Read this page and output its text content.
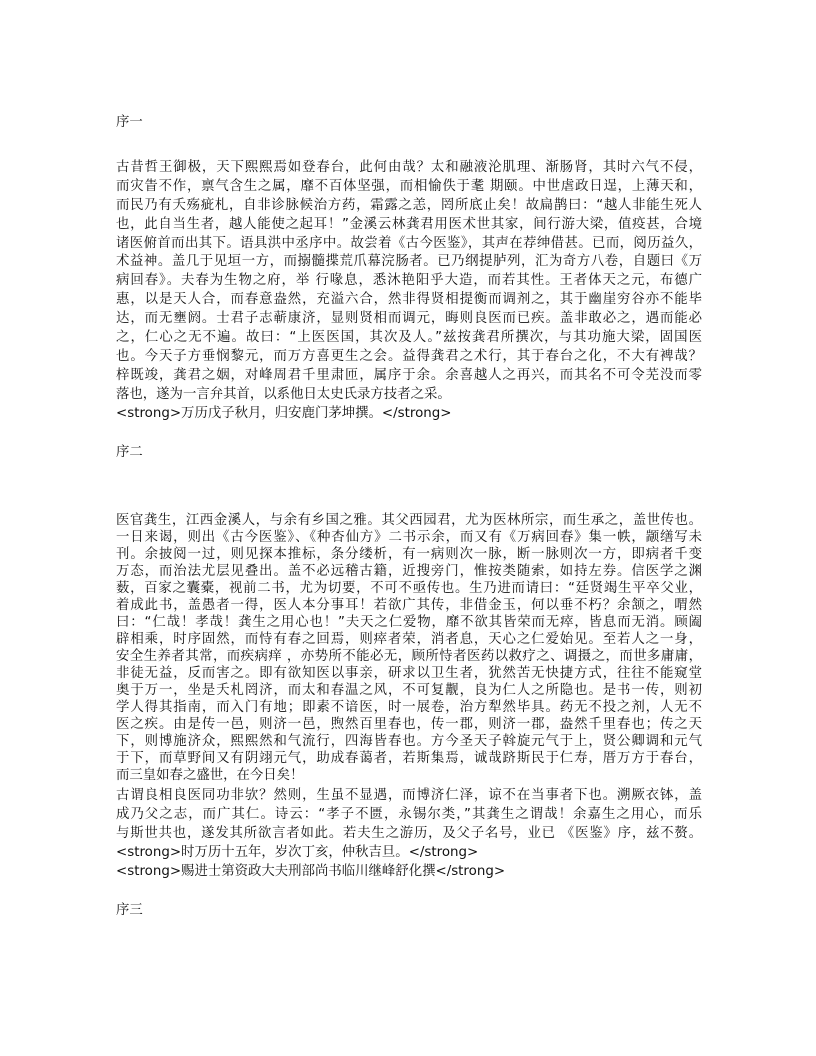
序一
古昔哲王御极，天下熙熙焉如登春台，此何由哉？太和融液沦肌理、渐肠肾，其时六气不侵，
而灾眚不作，禀气含生之属，靡不百体坚强，而相愉佚于耄 期颐。中世虐政日逞，上薄天和，
而民乃有夭殇疵札，自非诊脉候治方药，霜露之恙，罔所底止矣！故扁鹊曰：“越人非能生死人
也，此自当生者，越人能使之起耳！”金溪云林龚君用医术世其家，间行游大梁，值疫甚，合境
诸医俯首而出其下。语具洪中丞序中。故尝着《古今医鉴》，其声在荐绅借甚。已而，阅历益久，
术益神。盖几于见垣一方，而搦髓揲荒爪幕浣肠者。已乃纲提胪列，汇为奇方八卷，自题曰《万
病回春》。夫春为生物之府，举 行喙息，悉沐艳阳乎大造，而若其性。王者体天之元，布德广
惠，以是天人合，而春意盎然，充溢六合，然非得贤相提衡而调剂之，其于幽崖穷谷亦不能毕
达，而无壅阏。士君子志蕲康济，显则贤相而调元，晦则良医而已疾。盖非敢必之，遇而能必
之，仁心之无不遍。故曰：“上医医国，其次及人。”兹按龚君所撰次，与其功施大梁，固国医
也。今天子方垂悯黎元，而万方喜更生之会。益得龚君之术行，其于春台之化，不大有裨哉？
梓既竣，龚君之姻，对峰周君千里肃匝，属序于余。余喜越人之再兴，而其名不可令芜没而零
落也，遂为一言弁其首，以系他日太史氏录方技者之采。
<strong>万历戊子秋月，归安鹿门茅坤撰。</strong>
序二
医官龚生，江西金溪人，与余有乡国之雅。其父西园君，尤为医林所宗，而生承之，盖世传也。
一日来谒，则出《古今医鉴》、《种杏仙方》二书示余，而又有《万病回春》集一帙，颛缮写未
刊。余披阅一过，则见探本推标，条分缕析，有一病则次一脉，断一脉则次一方，即病者千变
万态，而治法尤层见叠出。盖不必远稽古籍，近搜旁门，惟按类随索，如持左券。信医学之渊
薮，百家之囊橐，视前二书，尤为切要，不可不亟传也。生乃进而请曰：“廷贤竭生平卒父业，
着成此书，盖愚者一得，医人本分事耳！若欲广其传，非借金玉，何以垂不朽？余颔之，喟然
曰：“仁哉！孝哉！龚生之用心也！”夫天之仁爱物，靡不欲其皆荣而无瘁，皆息而无消。顾阖
辟相乘，时序固然，而恃有春之回焉，则瘁者荣，消者息，天心之仁爱始见。至若人之一身，
安全生养者其常，而疾病痒 ，亦势所不能必无，顾所恃者医药以救疗之、调摄之，而世多庸庸，
非徒无益，反而害之。即有欲知医以事亲，研求以卫生者，犹然苦无快捷方式，往往不能窥堂
奥于万一，坐是夭札罔济，而太和春温之风，不可复觏，良为仁人之所隐也。是书一传，则初
学人得其指南，而入门有地；即素不谙医，时一展卷，治方犁然毕具。药无不投之剂，人无不
医之疾。由是传一邑，则济一邑，煦然百里春也，传一郡，则济一郡，盎然千里春也；传之天
下，则博施济众，熙熙然和气流行，四海皆春也。方今圣天子斡旋元气于上，贤公卿调和元气
于下，而草野间又有阴翊元气，助成春蔼者，若斯集焉，诚哉跻斯民于仁寿，厝万方于春台，
而三皇如春之盛世，在今日矣！
古谓良相良医同功非欤？然则，生虽不显遇，而博济仁泽，谅不在当事者下也。溯厥衣钵，盖
成乃父之志，而广其仁。诗云：“孝子不匮，永锡尔类，”其龚生之谓哉！余嘉生之用心，而乐
与斯世共也，遂发其所欲言者如此。若夫生之游历，及父子名号，业已 《医鉴》序，兹不赘。
<strong>时万历十五年，岁次丁亥，仲秋吉旦。</strong>
<strong>赐进士第资政大夫刑部尚书临川继峰舒化撰</strong>
序三
